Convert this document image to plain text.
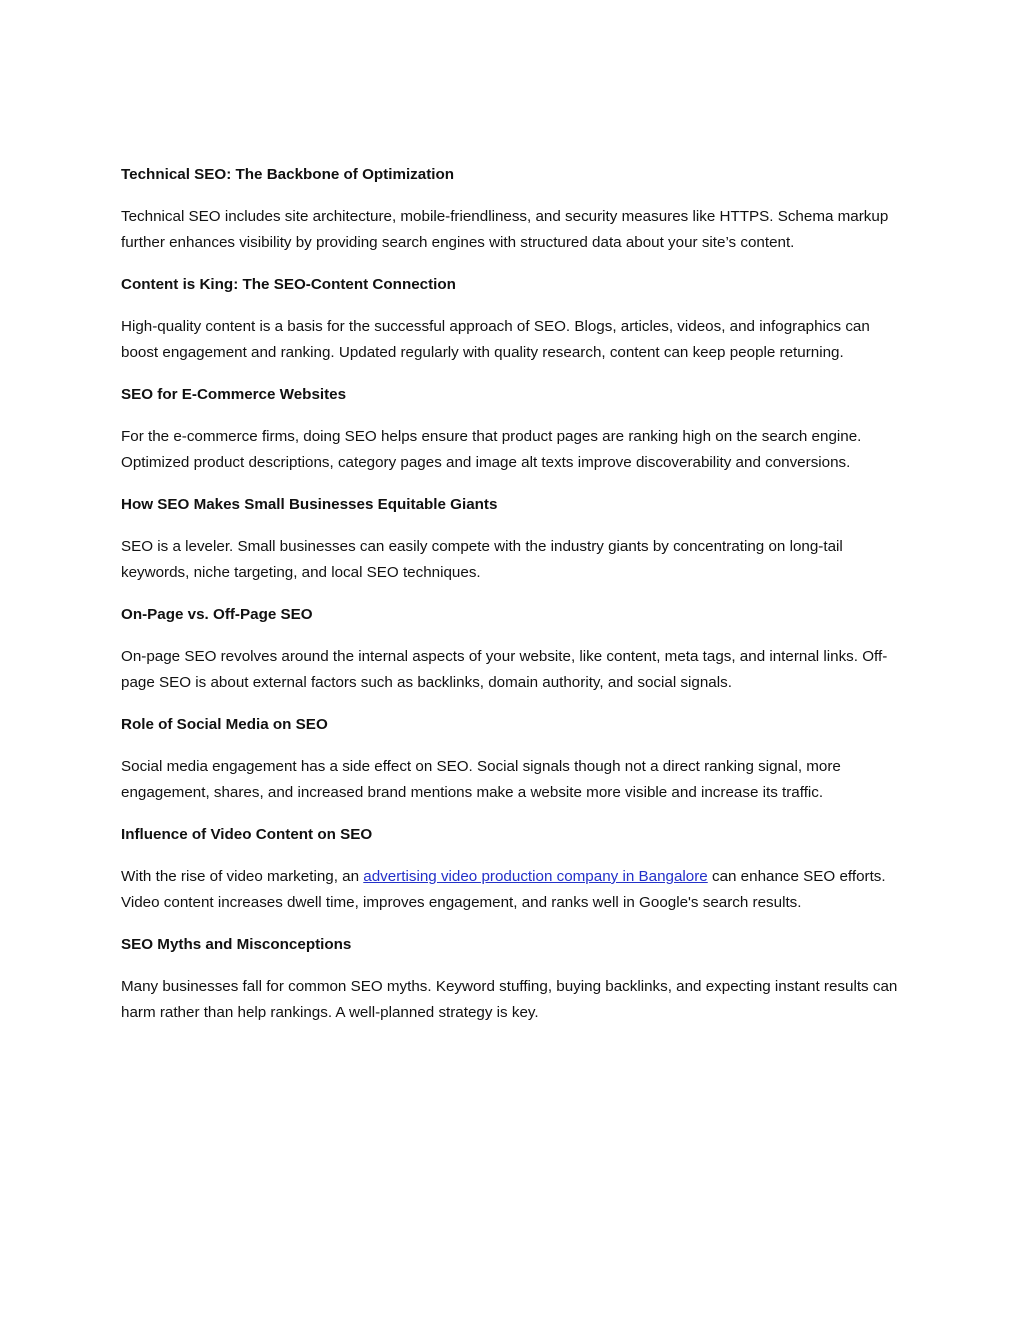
Technical SEO: The Backbone of Optimization
Technical SEO includes site architecture, mobile-friendliness, and security measures like HTTPS. Schema markup further enhances visibility by providing search engines with structured data about your site’s content.
Content is King: The SEO-Content Connection
High-quality content is a basis for the successful approach of SEO. Blogs, articles, videos, and infographics can boost engagement and ranking. Updated regularly with quality research, content can keep people returning.
SEO for E-Commerce Websites
For the e-commerce firms, doing SEO helps ensure that product pages are ranking high on the search engine. Optimized product descriptions, category pages and image alt texts improve discoverability and conversions.
How SEO Makes Small Businesses Equitable Giants
SEO is a leveler. Small businesses can easily compete with the industry giants by concentrating on long-tail keywords, niche targeting, and local SEO techniques.
On-Page vs. Off-Page SEO
On-page SEO revolves around the internal aspects of your website, like content, meta tags, and internal links. Off-page SEO is about external factors such as backlinks, domain authority, and social signals.
Role of Social Media on SEO
Social media engagement has a side effect on SEO. Social signals though not a direct ranking signal, more engagement, shares, and increased brand mentions make a website more visible and increase its traffic.
Influence of Video Content on SEO
With the rise of video marketing, an advertising video production company in Bangalore can enhance SEO efforts. Video content increases dwell time, improves engagement, and ranks well in Google's search results.
SEO Myths and Misconceptions
Many businesses fall for common SEO myths. Keyword stuffing, buying backlinks, and expecting instant results can harm rather than help rankings. A well-planned strategy is key.
